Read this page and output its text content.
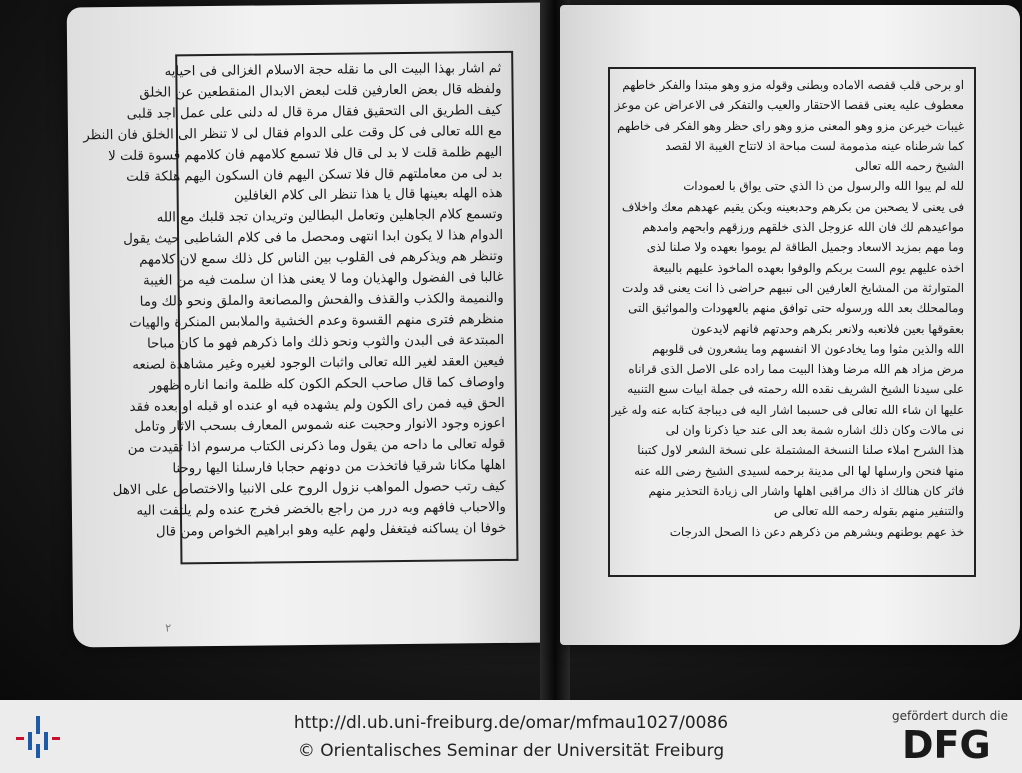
ثم اشار بهذا البيت الى ما نقله حجة الاسلام الغزالى فى احيايه
ولفظه قال بعض العارفين قلت لبعض الابدال المنقطعين عن الخلق
كيف الطريق الى التحقيق فقال مرة قال له دلنى على عمل اجد قلبى
مع الله تعالى فى كل وقت على الدوام فقال لى لا تنظر الى الخلق فان النظر
اليهم ظلمة قلت لا بد لى قال فلا تسمع كلامهم فان كلامهم قسوة قلت لا
بد لى من معاملتهم قال فلا تسكن اليهم فان السكون اليهم هلكة قلت
هذه الهله بعينها قال يا هذا تنظر الى كلام الغافلين
وتسمع كلام الجاهلين وتعامل البطالين وتريدان تجد قلبك مع الله
الدوام هذا لا يكون ابدا انتهى ومحصل ما فى كلام الشاطبى حيث يقول
وتنظر هم ويذكرهم فى القلوب بين الناس كل ذلك سمع لان كلامهم
غالبا فى الفضول والهذيان وما لا يعنى هذا ان سلمت فيه من الغيبة
والنميمة والكذب والقذف والفحش والمصانعة والملق ونحو ذلك وما
منظرهم فترى منهم القسوة وعدم الخشية والملابس المنكرة والهيات
المبتدعة فى البدن والثوب ونحو ذلك واما ذكرهم فهو ما كان مباحا
فيعين العقد لغير الله تعالى واثبات الوجود لغيره وغير مشاهدة لصنعه
واوصاف كما قال صاحب الحكم الكون كله ظلمة وانما اناره ظهور
الحق فيه فمن راى الكون ولم يشهده فيه او عنده او قبله او بعده فقد
اعوزه وجود الانوار وحجبت عنه شموس المعارف بسحب الاثار وتامل
قوله تعالى ما داحه من يقول وما ذكرنى الكتاب مرسوم اذا تقيدت من
اهلها مكانا شرقيا فاتخذت من دونهم حجابا فارسلنا اليها روحنا
كيف رتب حصول المواهب نزول الروح على الانبيا والاختصاص على الاهل
والاحباب فافهم وبه درر من راجع بالخضر فخرج عنده ولم يلتفت اليه
خوفا ان يساكنه فيتغفل ولهم عليه وهو ابراهيم الخواص ومن قال
٢
او برحى قلب قفصه الاماده وبطنى وقوله مزو وهو مبتدا والفكر خاطهم
معطوف عليه يعنى قفصا الاحتقار والعيب والتفكر فى الاعراض عن موعز
غيبات خيرعن مزو وهو المعنى مزو وهو راى حظر وهو الفكر فى خاطهم
كما شرطناه عينه مذمومة لست مباحة اذ لاتتاح الغيبة الا لقصد
الشيخ رحمه الله تعالى
لله لم يبوا الله والرسول من ذا الذي حتى يواق با لعمودات
فى يعنى لا يصحبن من بكرهم وحدبعينه وبكن يقيم عهدهم معك واخلاف
مواعيدهم لك فان الله عزوجل الذى خلقهم ورزقهم وابحهم وامدهم
وما مهم بمزيد الاسعاد وجميل الطاقة لم يوموا بعهده ولا صلنا لذى
اخذه عليهم يوم الست بربكم والوفوا بعهده الماخوذ عليهم بالبيعة
المتوارثة من المشايخ العارفين الى نبيهم حراضى ذا انت يعنى قد ولدت
ومالمحلك بعد الله ورسوله حتى توافق منهم بالعهودات والمواثيق التى
بعقوقها بعين فلانعبه ولانعر بكرهم وحدتهم فانهم لايدعون
الله والذين مثوا وما يخادعون الا انفسهم وما يشعرون فى قلوبهم
مرض مزاد هم الله مرضا وهذا البيت مما راده على الاصل الذى قراناه
على سيدنا الشيخ الشريف نقده الله رحمته فى جملة ابيات سبع التنبيه
عليها ان شاء الله تعالى فى حسبما اشار اليه فى ديباجة كتابه عنه وله غير
نى مالات وكان ذلك اشاره شمة بعد الى عند حيا ذكرنا وان لى
هذا الشرح املاء صلنا النسخة المشتملة على نسخة الشعر لاول كتبنا
منها فنحن وارسلها لها الى مدينة برحمه لسيدى الشيخ رضى الله عنه
فاثر كان هنالك اذ ذاك مراقبى اهلها واشار الى زيادة التحذير منهم
والتنفير منهم بقوله رحمه الله تعالى ص
خذ عهم بوطنهم وبشرهم من ذكرهم دعن ذا الصحل الدرجات
http://dl.ub.uni-freiburg.de/omar/mfmau1027/0086
© Orientalisches Seminar der Universität Freiburg
gefördert durch die
DFG
